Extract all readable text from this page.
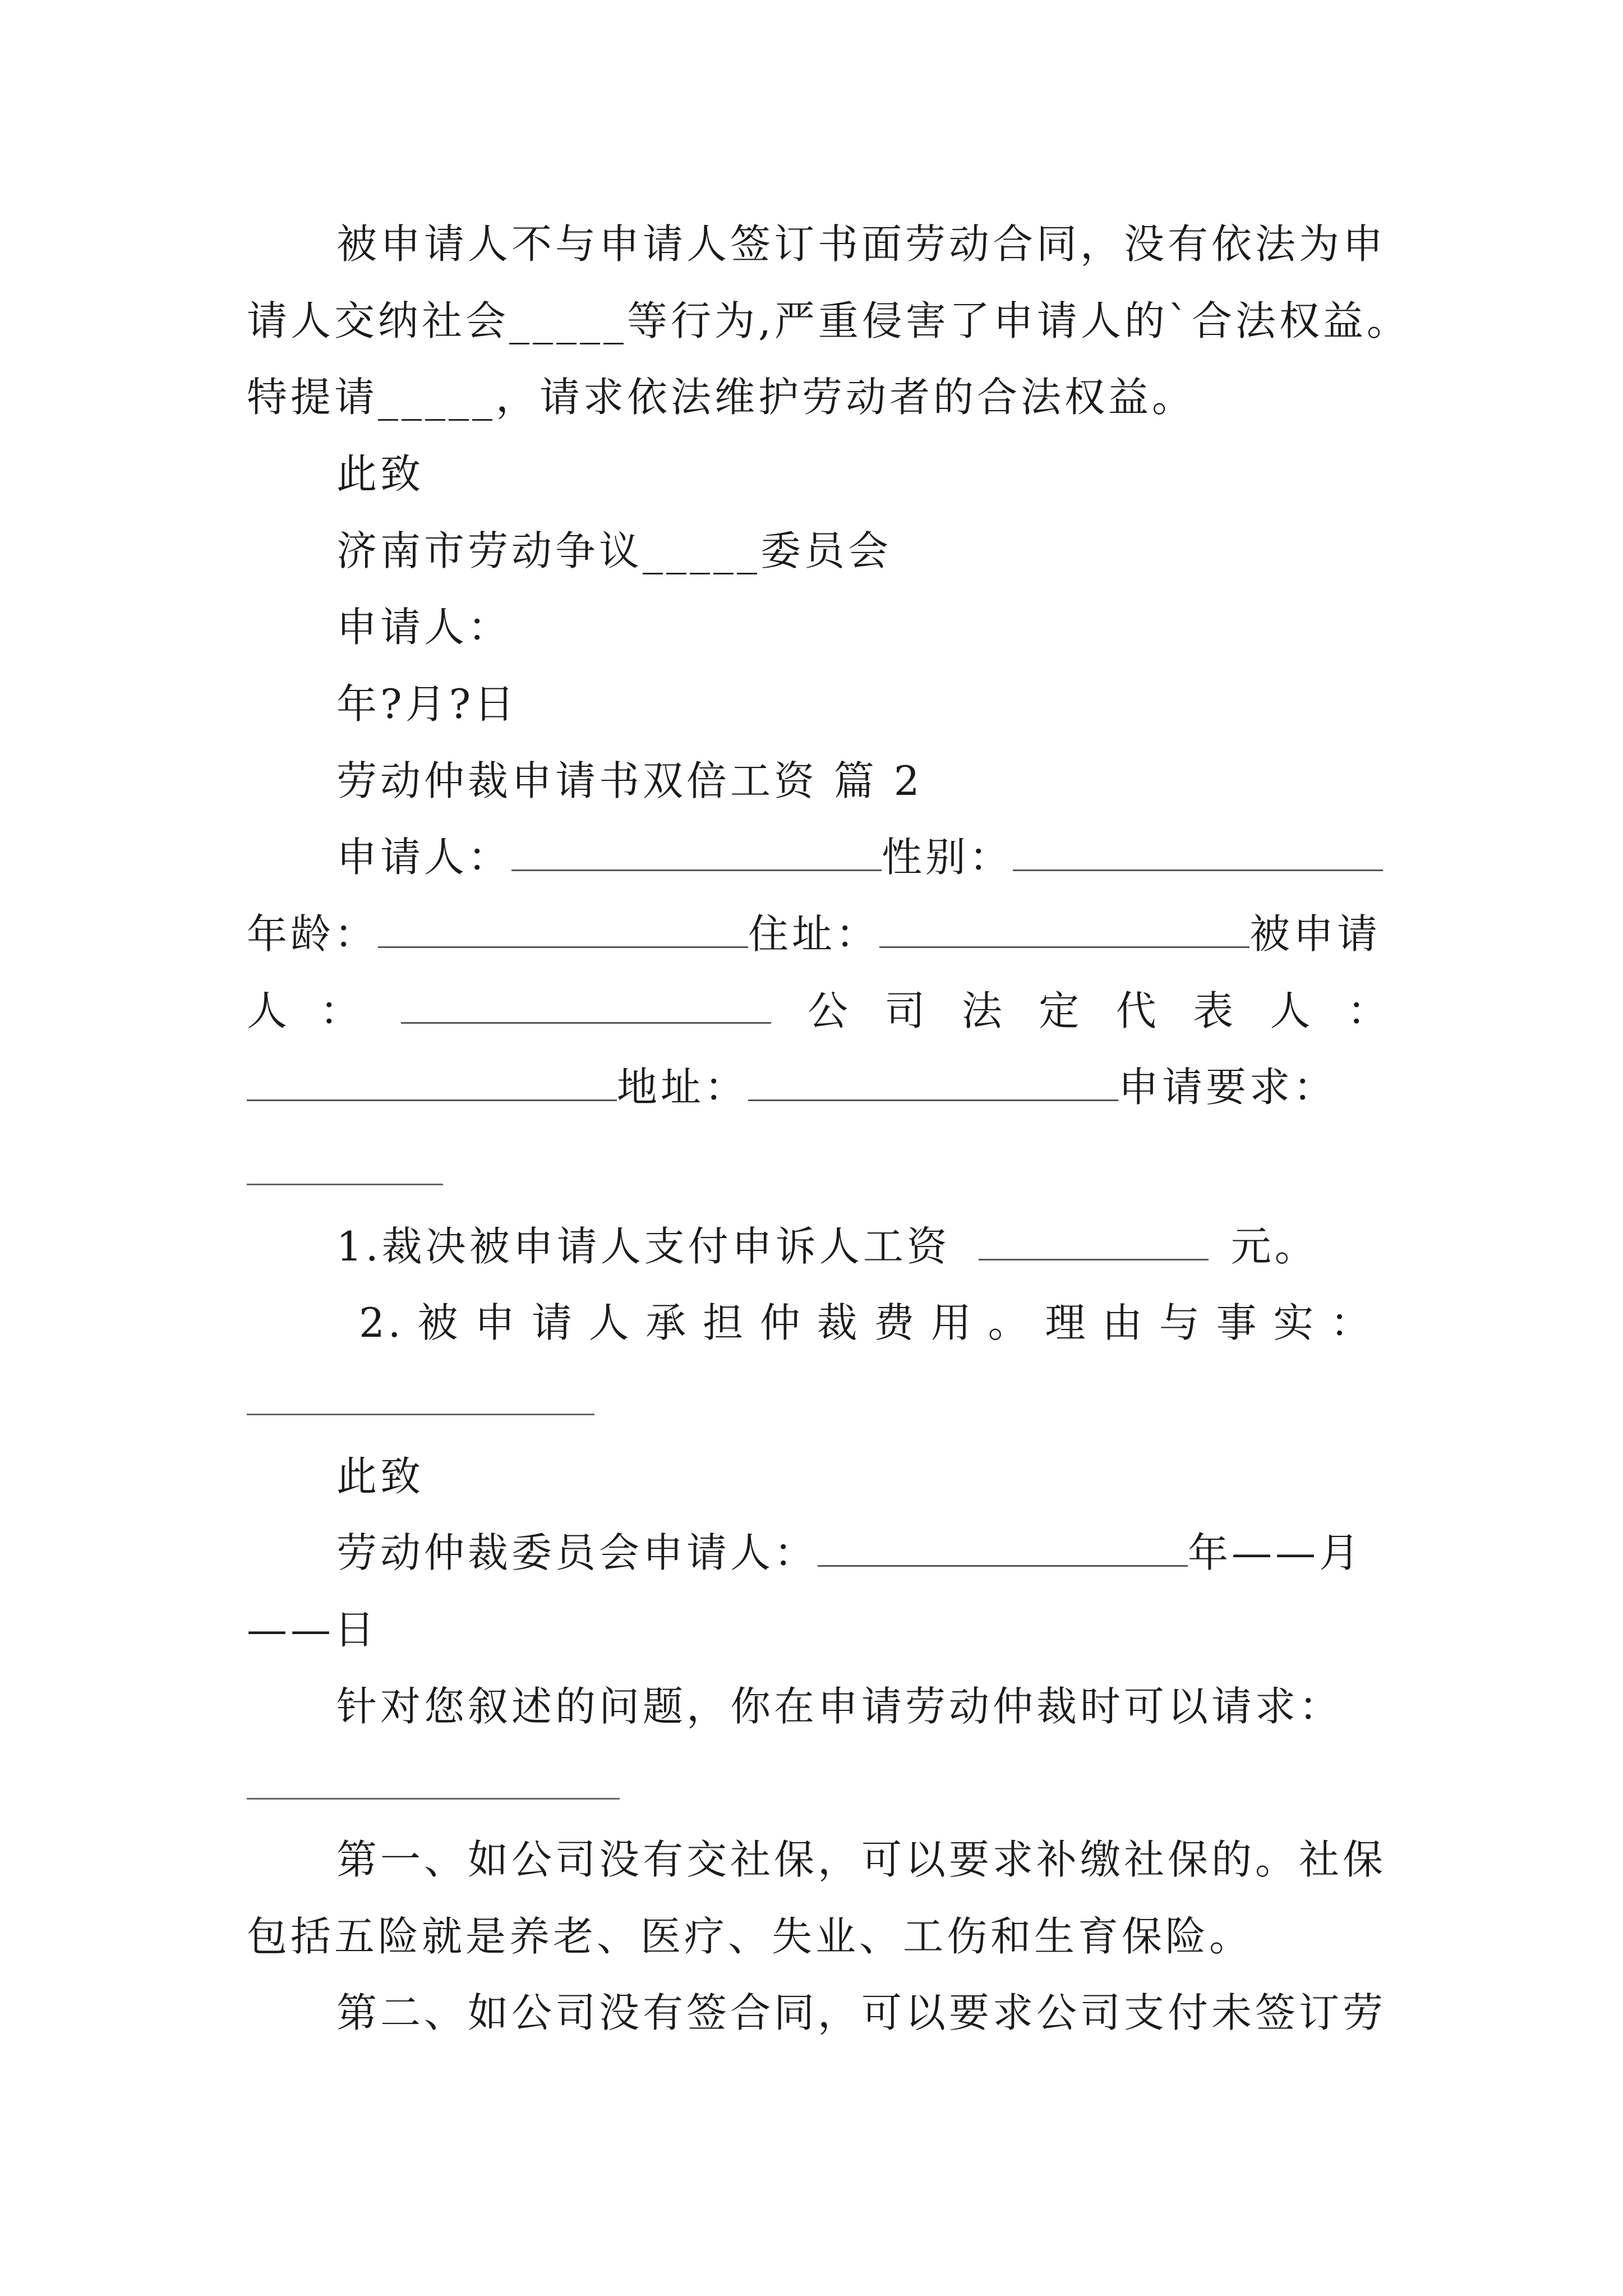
被申请人不与申请人签订书面劳动合同，没有依法为申
请人交纳社会_____等行为,严重侵害了申请人的`合法权益。
特提请_____，请求依法维护劳动者的合法权益。
此致
济南市劳动争议_____委员会
申请人：
年?月?日
劳动仲裁申请书双倍工资 篇 2
申请人：	性别：
年龄：	住址：	被申请
人 ：	公 司 法 定 代 表 人 ：
地址：	申请要求：
1.裁决被申请人支付申诉人工资	元。
2. 被 申 请 人 承 担 仲 裁 费 用 。 理 由 与 事 实 ：
此致
劳动仲裁委员会申请人：	年——月
——日
针对您叙述的问题，你在申请劳动仲裁时可以请求：
第一、如公司没有交社保，可以要求补缴社保的。社保
包括五险就是养老、医疗、失业、工伤和生育保险。
第二、如公司没有签合同，可以要求公司支付未签订劳
